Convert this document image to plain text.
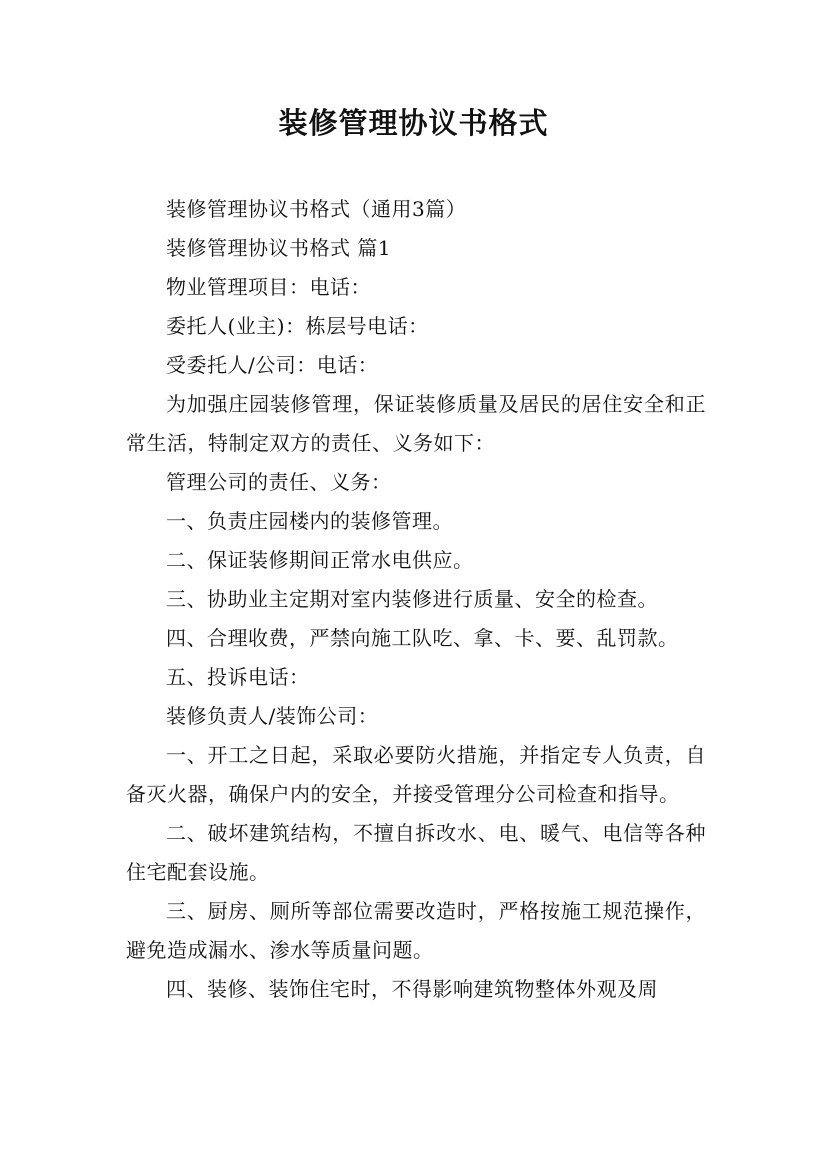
装修管理协议书格式

装修管理协议书格式（通用3篇）

装修管理协议书格式 篇1

物业管理项目：电话：

委托人(业主)：栋层号电话：

受委托人/公司：电话：

为加强庄园装修管理，保证装修质量及居民的居住安全和正常生活，特制定双方的责任、义务如下：

管理公司的责任、义务：

一、负责庄园楼内的装修管理。

二、保证装修期间正常水电供应。

三、协助业主定期对室内装修进行质量、安全的检查。

四、合理收费，严禁向施工队吃、拿、卡、要、乱罚款。

五、投诉电话：

装修负责人/装饰公司：

一、开工之日起，采取必要防火措施，并指定专人负责，自备灭火器，确保户内的安全，并接受管理分公司检查和指导。

二、破坏建筑结构，不擅自拆改水、电、暖气、电信等各种住宅配套设施。

三、厨房、厕所等部位需要改造时，严格按施工规范操作，避免造成漏水、渗水等质量问题。

四、装修、装饰住宅时，不得影响建筑物整体外观及周
